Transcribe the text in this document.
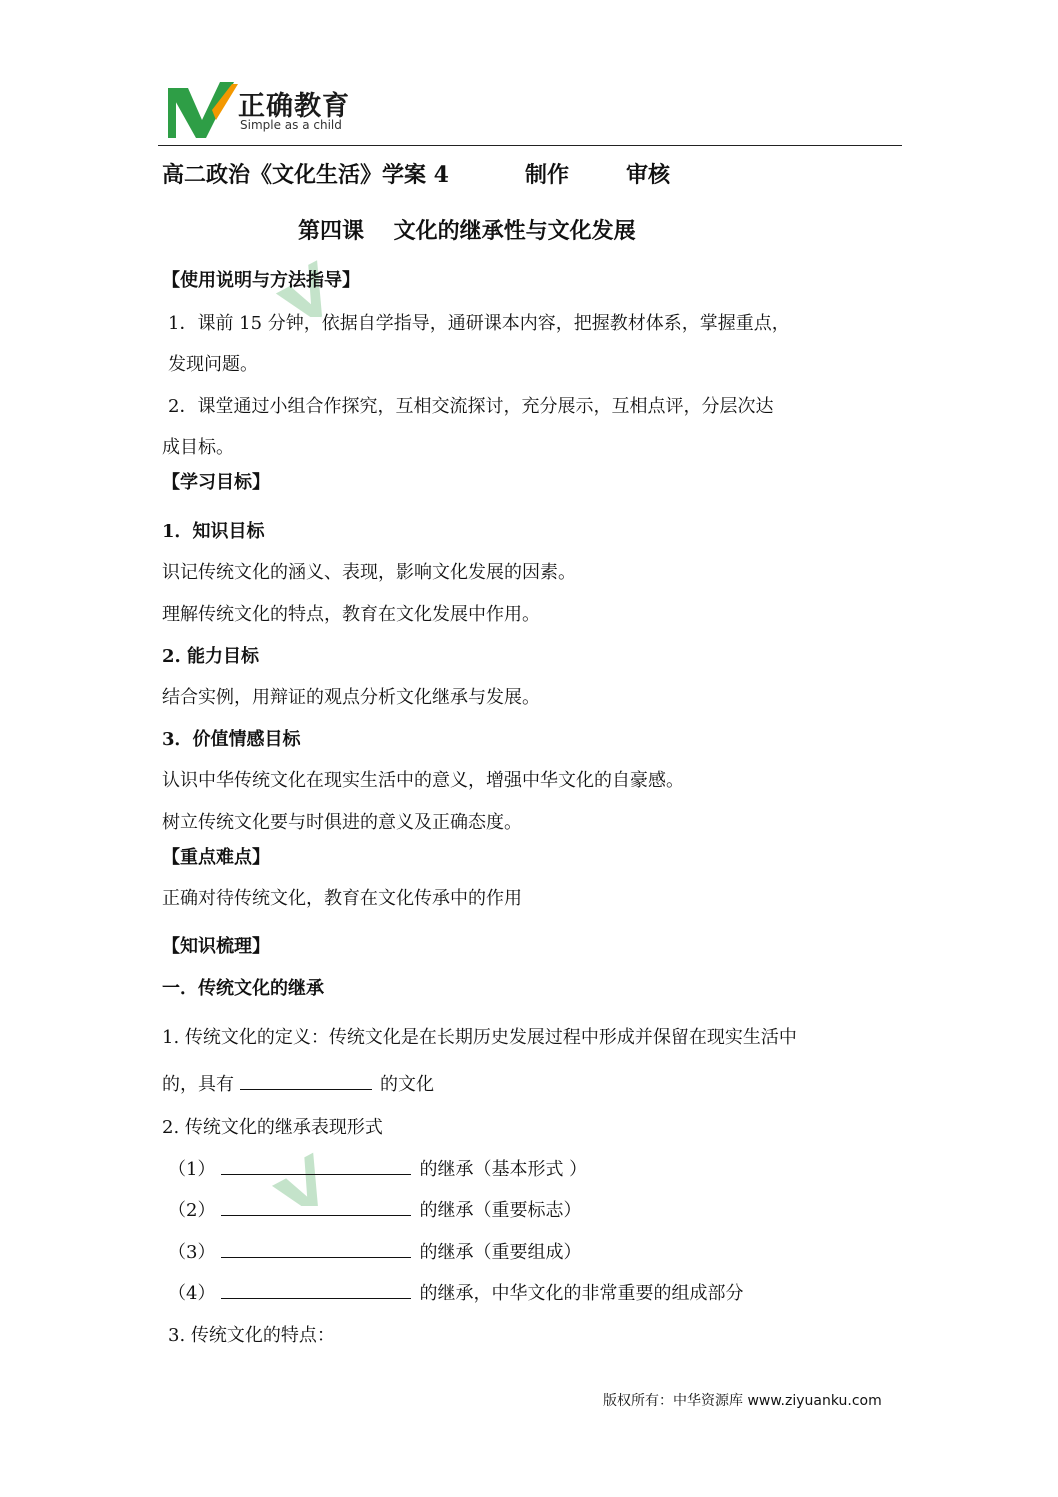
正确教育
Simple as a child
高二政治《文化生活》学案 4	制作	审核
第四课　 文化的继承性与文化发展
【使用说明与方法指导】
1．课前 15 分钟，依据自学指导，通研课本内容，把握教材体系，掌握重点，
发现问题。
2．课堂通过小组合作探究，互相交流探讨，充分展示，互相点评，分层次达
成目标。
【学习目标】
1．知识目标
识记传统文化的涵义、表现，影响文化发展的因素。
理解传统文化的特点，教育在文化发展中作用。
2. 能力目标
结合实例，用辩证的观点分析文化继承与发展。
3．价值情感目标
认识中华传统文化在现实生活中的意义，增强中华文化的自豪感。
树立传统文化要与时俱进的意义及正确态度。
【重点难点】
正确对待传统文化，教育在文化传承中的作用
【知识梳理】
一．传统文化的继承
1. 传统文化的定义：传统文化是在长期历史发展过程中形成并保留在现实生活中
的，具有	的文化
2. 传统文化的继承表现形式
（1）	的继承（基本形式 ）
（2）	的继承（重要标志）
（3）	的继承（重要组成）
（4）	的继承，中华文化的非常重要的组成部分
3. 传统文化的特点：
版权所有：中华资源库 www.ziyuanku.com
